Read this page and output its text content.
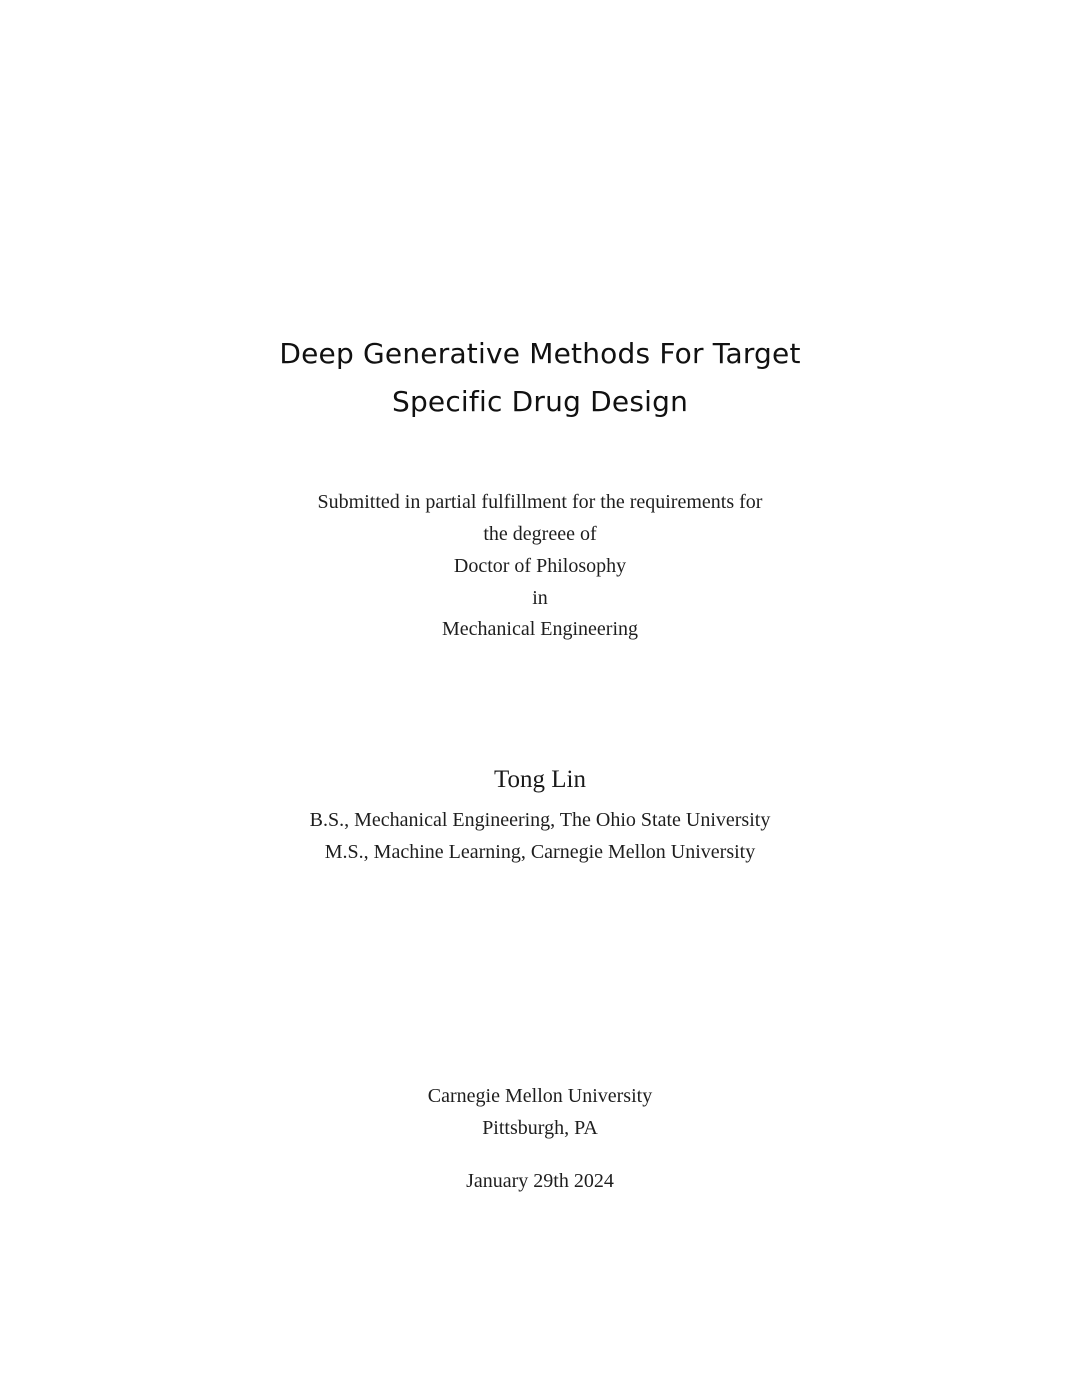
Deep Generative Methods For Target
Specific Drug Design
Submitted in partial fulfillment for the requirements for
the degreee of
Doctor of Philosophy
in
Mechanical Engineering
Tong Lin
B.S., Mechanical Engineering, The Ohio State University
M.S., Machine Learning, Carnegie Mellon University
Carnegie Mellon University
Pittsburgh, PA
January 29th 2024
